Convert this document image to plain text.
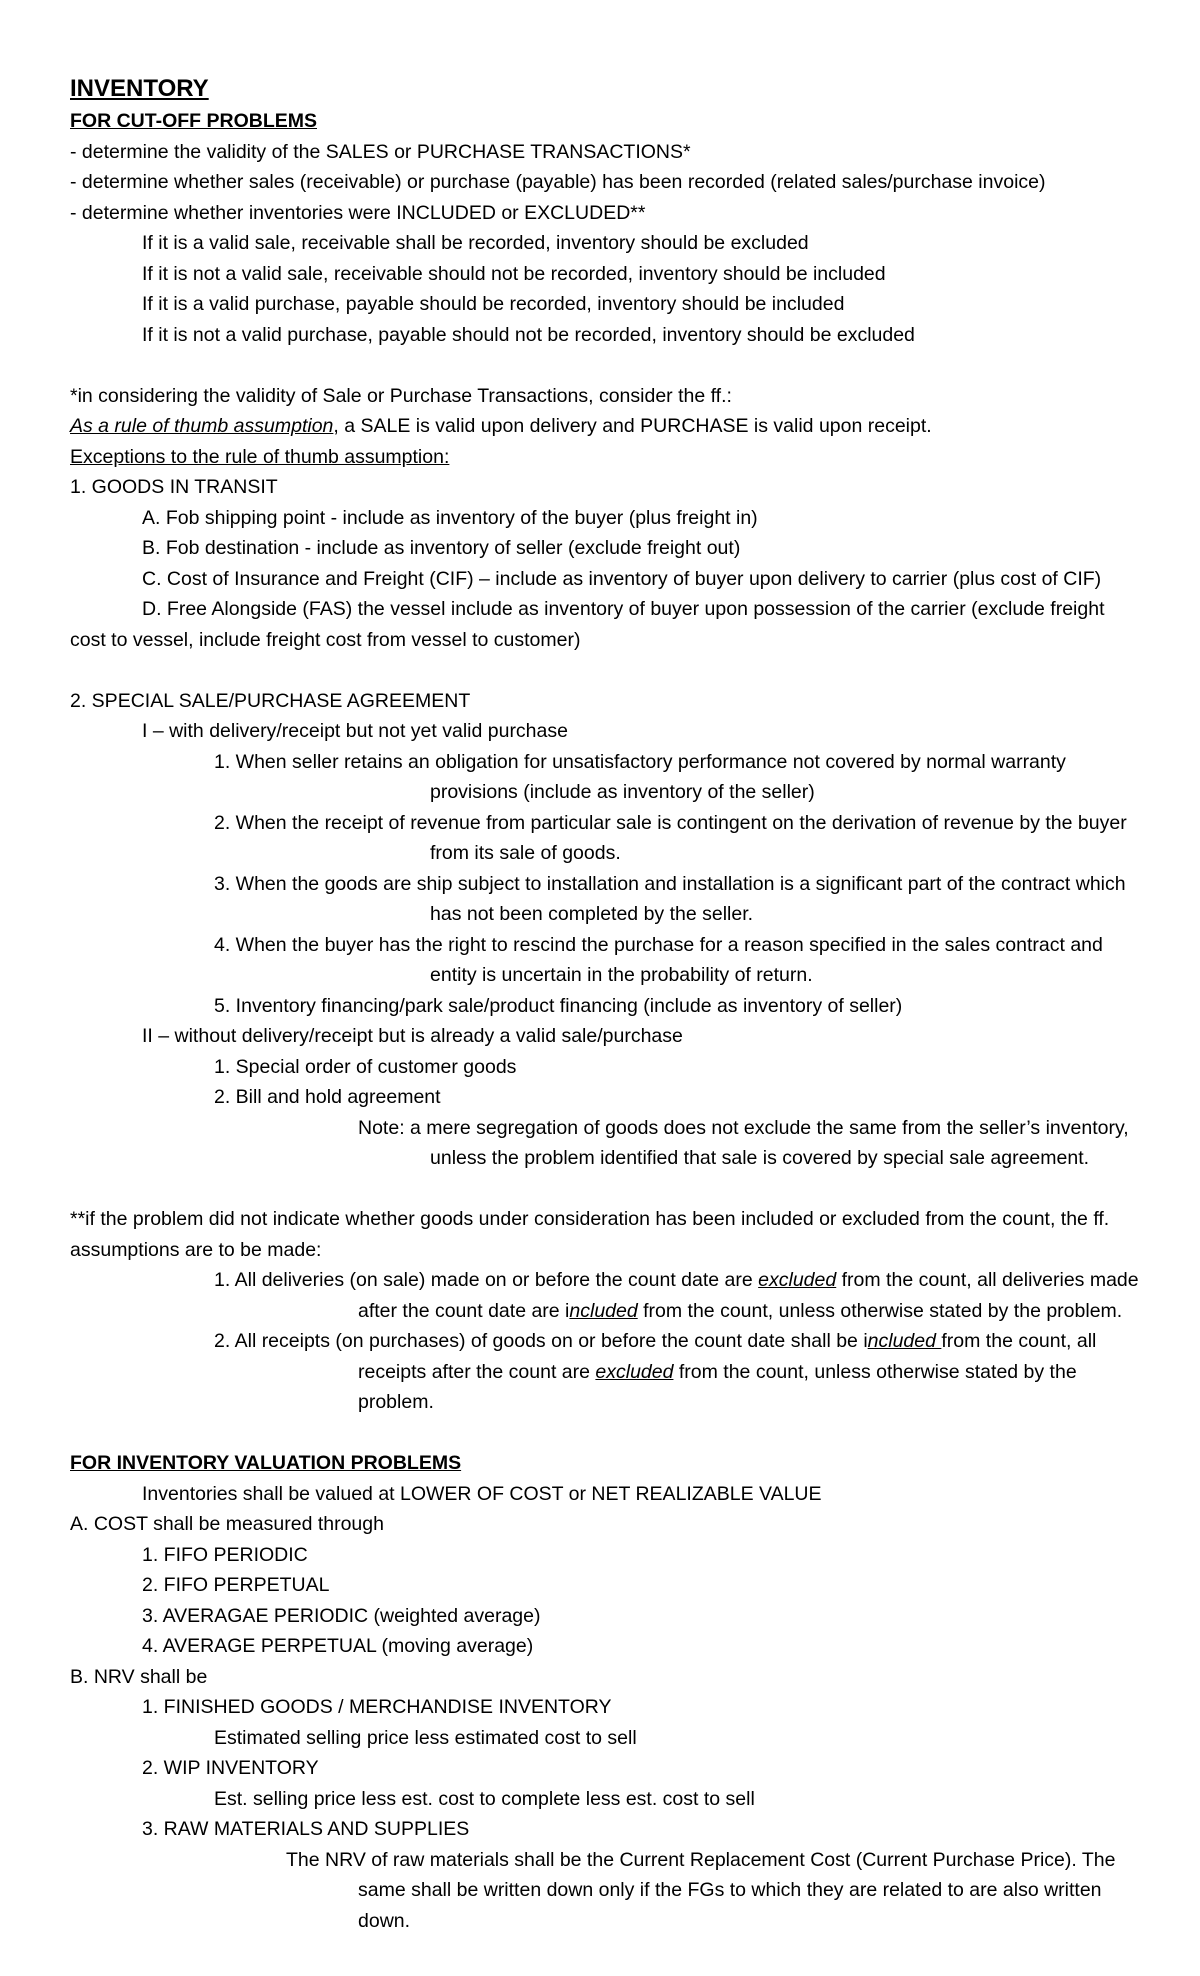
INVENTORY
FOR CUT-OFF PROBLEMS
- determine the validity of the SALES or PURCHASE TRANSACTIONS*
- determine whether sales (receivable) or purchase (payable) has been recorded (related sales/purchase invoice)
- determine whether inventories were INCLUDED or EXCLUDED**
If it is a valid sale, receivable shall be recorded, inventory should be excluded
If it is not a valid sale, receivable should not be recorded, inventory should be included
If it is a valid purchase, payable should be recorded, inventory should be included
If it is not a valid purchase, payable should not be recorded, inventory should be excluded
*in considering the validity of Sale or Purchase Transactions, consider the ff.:
As a rule of thumb assumption, a SALE is valid upon delivery and PURCHASE is valid upon receipt.
Exceptions to the rule of thumb assumption:
1. GOODS IN TRANSIT
A. Fob shipping point - include as inventory of the buyer (plus freight in)
B. Fob destination - include as inventory of seller (exclude freight out)
C. Cost of Insurance and Freight (CIF) – include as inventory of buyer upon delivery to carrier (plus cost of CIF)
D. Free Alongside (FAS) the vessel include as inventory of buyer upon possession of the carrier (exclude freight cost to vessel, include freight cost from vessel to customer)
2. SPECIAL SALE/PURCHASE AGREEMENT
I – with delivery/receipt but not yet valid purchase
1. When seller retains an obligation for unsatisfactory performance not covered by normal warranty provisions (include as inventory of the seller)
2. When the receipt of revenue from particular sale is contingent on the derivation of revenue by the buyer from its sale of goods.
3. When the goods are ship subject to installation and installation is a significant part of the contract which has not been completed by the seller.
4. When the buyer has the right to rescind the purchase for a reason specified in the sales contract and entity is uncertain in the probability of return.
5. Inventory financing/park sale/product financing (include as inventory of seller)
II – without delivery/receipt but is already a valid sale/purchase
1. Special order of customer goods
2. Bill and hold agreement
Note: a mere segregation of goods does not exclude the same from the seller’s inventory, unless the problem identified that sale is covered by special sale agreement.
**if the problem did not indicate whether goods under consideration has been included or excluded from the count, the ff. assumptions are to be made:
1. All deliveries (on sale) made on or before the count date are excluded from the count, all deliveries made after the count date are included from the count, unless otherwise stated by the problem.
2. All receipts (on purchases) of goods on or before the count date shall be included from the count, all receipts after the count are excluded from the count, unless otherwise stated by the problem.
FOR INVENTORY VALUATION PROBLEMS
Inventories shall be valued at LOWER OF COST or NET REALIZABLE VALUE
A. COST shall be measured through
1. FIFO PERIODIC
2. FIFO PERPETUAL
3. AVERAGAE PERIODIC (weighted average)
4. AVERAGE PERPETUAL (moving average)
B. NRV shall be
1. FINISHED GOODS / MERCHANDISE INVENTORY
Estimated selling price less estimated cost to sell
2. WIP INVENTORY
Est. selling price less est. cost to complete less est. cost to sell
3. RAW MATERIALS AND SUPPLIES
The NRV of raw materials shall be the Current Replacement Cost (Current Purchase Price). The same shall be written down only if the FGs to which they are related to are also written down.
